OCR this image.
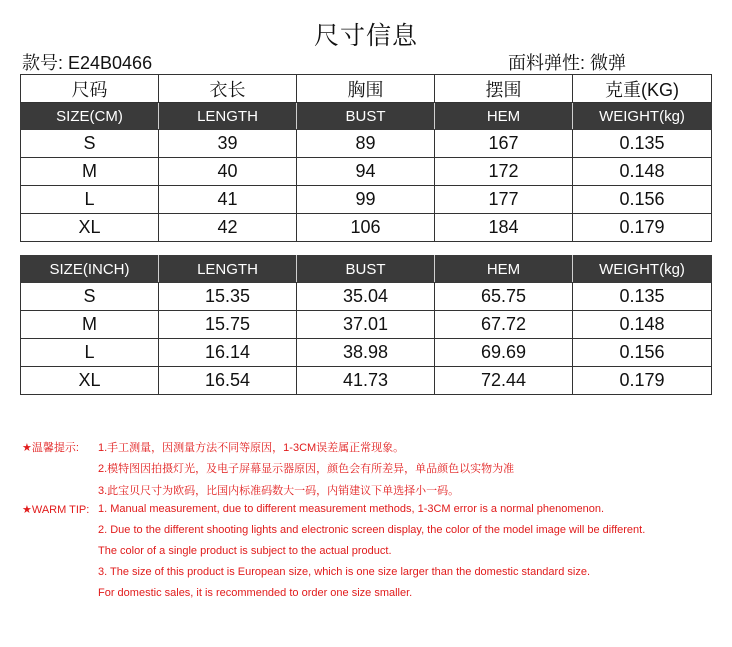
尺寸信息
款号: E24B0466	面料弹性: 微弹
尺码	衣长	胸围	摆围	克重(KG)
SIZE(CM)	LENGTH	BUST	HEM	WEIGHT(kg)
S	39	89	167	0.135
M	40	94	172	0.148
L	41	99	177	0.156
XL	42	106	184	0.179
SIZE(INCH)	LENGTH	BUST	HEM	WEIGHT(kg)
S	15.35	35.04	65.75	0.135
M	15.75	37.01	67.72	0.148
L	16.14	38.98	69.69	0.156
XL	16.54	41.73	72.44	0.179
★温馨提示: 1.手工测量，因测量方法不同等原因，1-3CM误差属正常现象。
2.模特图因拍摄灯光，及电子屏幕显示器原因，颜色会有所差异，单品颜色以实物为准
3.此宝贝尺寸为欧码，比国内标准码数大一码，内销建议下单选择小一码。
★WARM TIP: 1. Manual measurement, due to different measurement methods, 1-3CM error is a normal phenomenon.
2. Due to the different shooting lights and electronic screen display, the color of the model image will be different.
The color of a single product is subject to the actual product.
3. The size of this product is European size, which is one size larger than the domestic standard size.
For domestic sales, it is recommended to order one size smaller.
